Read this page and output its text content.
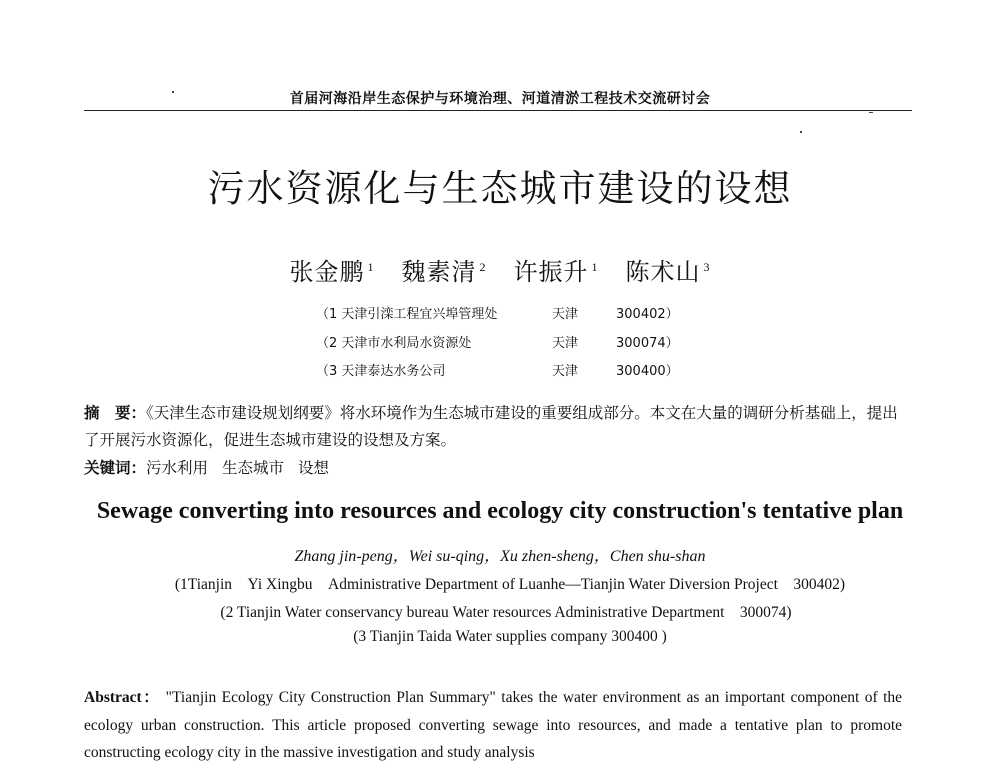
首届河海沿岸生态保护与环境治理、河道清淤工程技术交流研讨会
污水资源化与生态城市建设的设想
张金鹏 $^1$ 魏素清 $^2$ 许振升 $^1$ 陈术山 $^3$
（1 天津引滦工程宜兴埠管理处	天津	300402）
（2 天津市水利局水资源处	天津	300074）
（3 天津泰达水务公司	天津	300400）
摘　要：《天津生态市建设规划纲要》将水环境作为生态城市建设的重要组成部分。本文在大量的调研分析基础上，提出了开展污水资源化，促进生态城市建设的设想及方案。
关键词：污水利用 生态城市 设想
Sewage converting into resources and ecology city construction's tentative plan
Zhang jin-peng，Wei su-qing，Xu zhen-sheng，Chen shu-shan
(1Tianjin　Yi Xingbu　Administrative Department of Luanhe—Tianjin Water Diversion Project　300402)
(2 Tianjin Water conservancy bureau Water resources Administrative Department　300074)
(3 Tianjin Taida Water supplies company 300400 )
Abstract： "Tianjin Ecology City Construction Plan Summary" takes the water environment as an important component of the ecology urban construction. This article proposed converting sewage into resources, and made a tentative plan to promote constructing ecology city in the massive investigation and study analysis
